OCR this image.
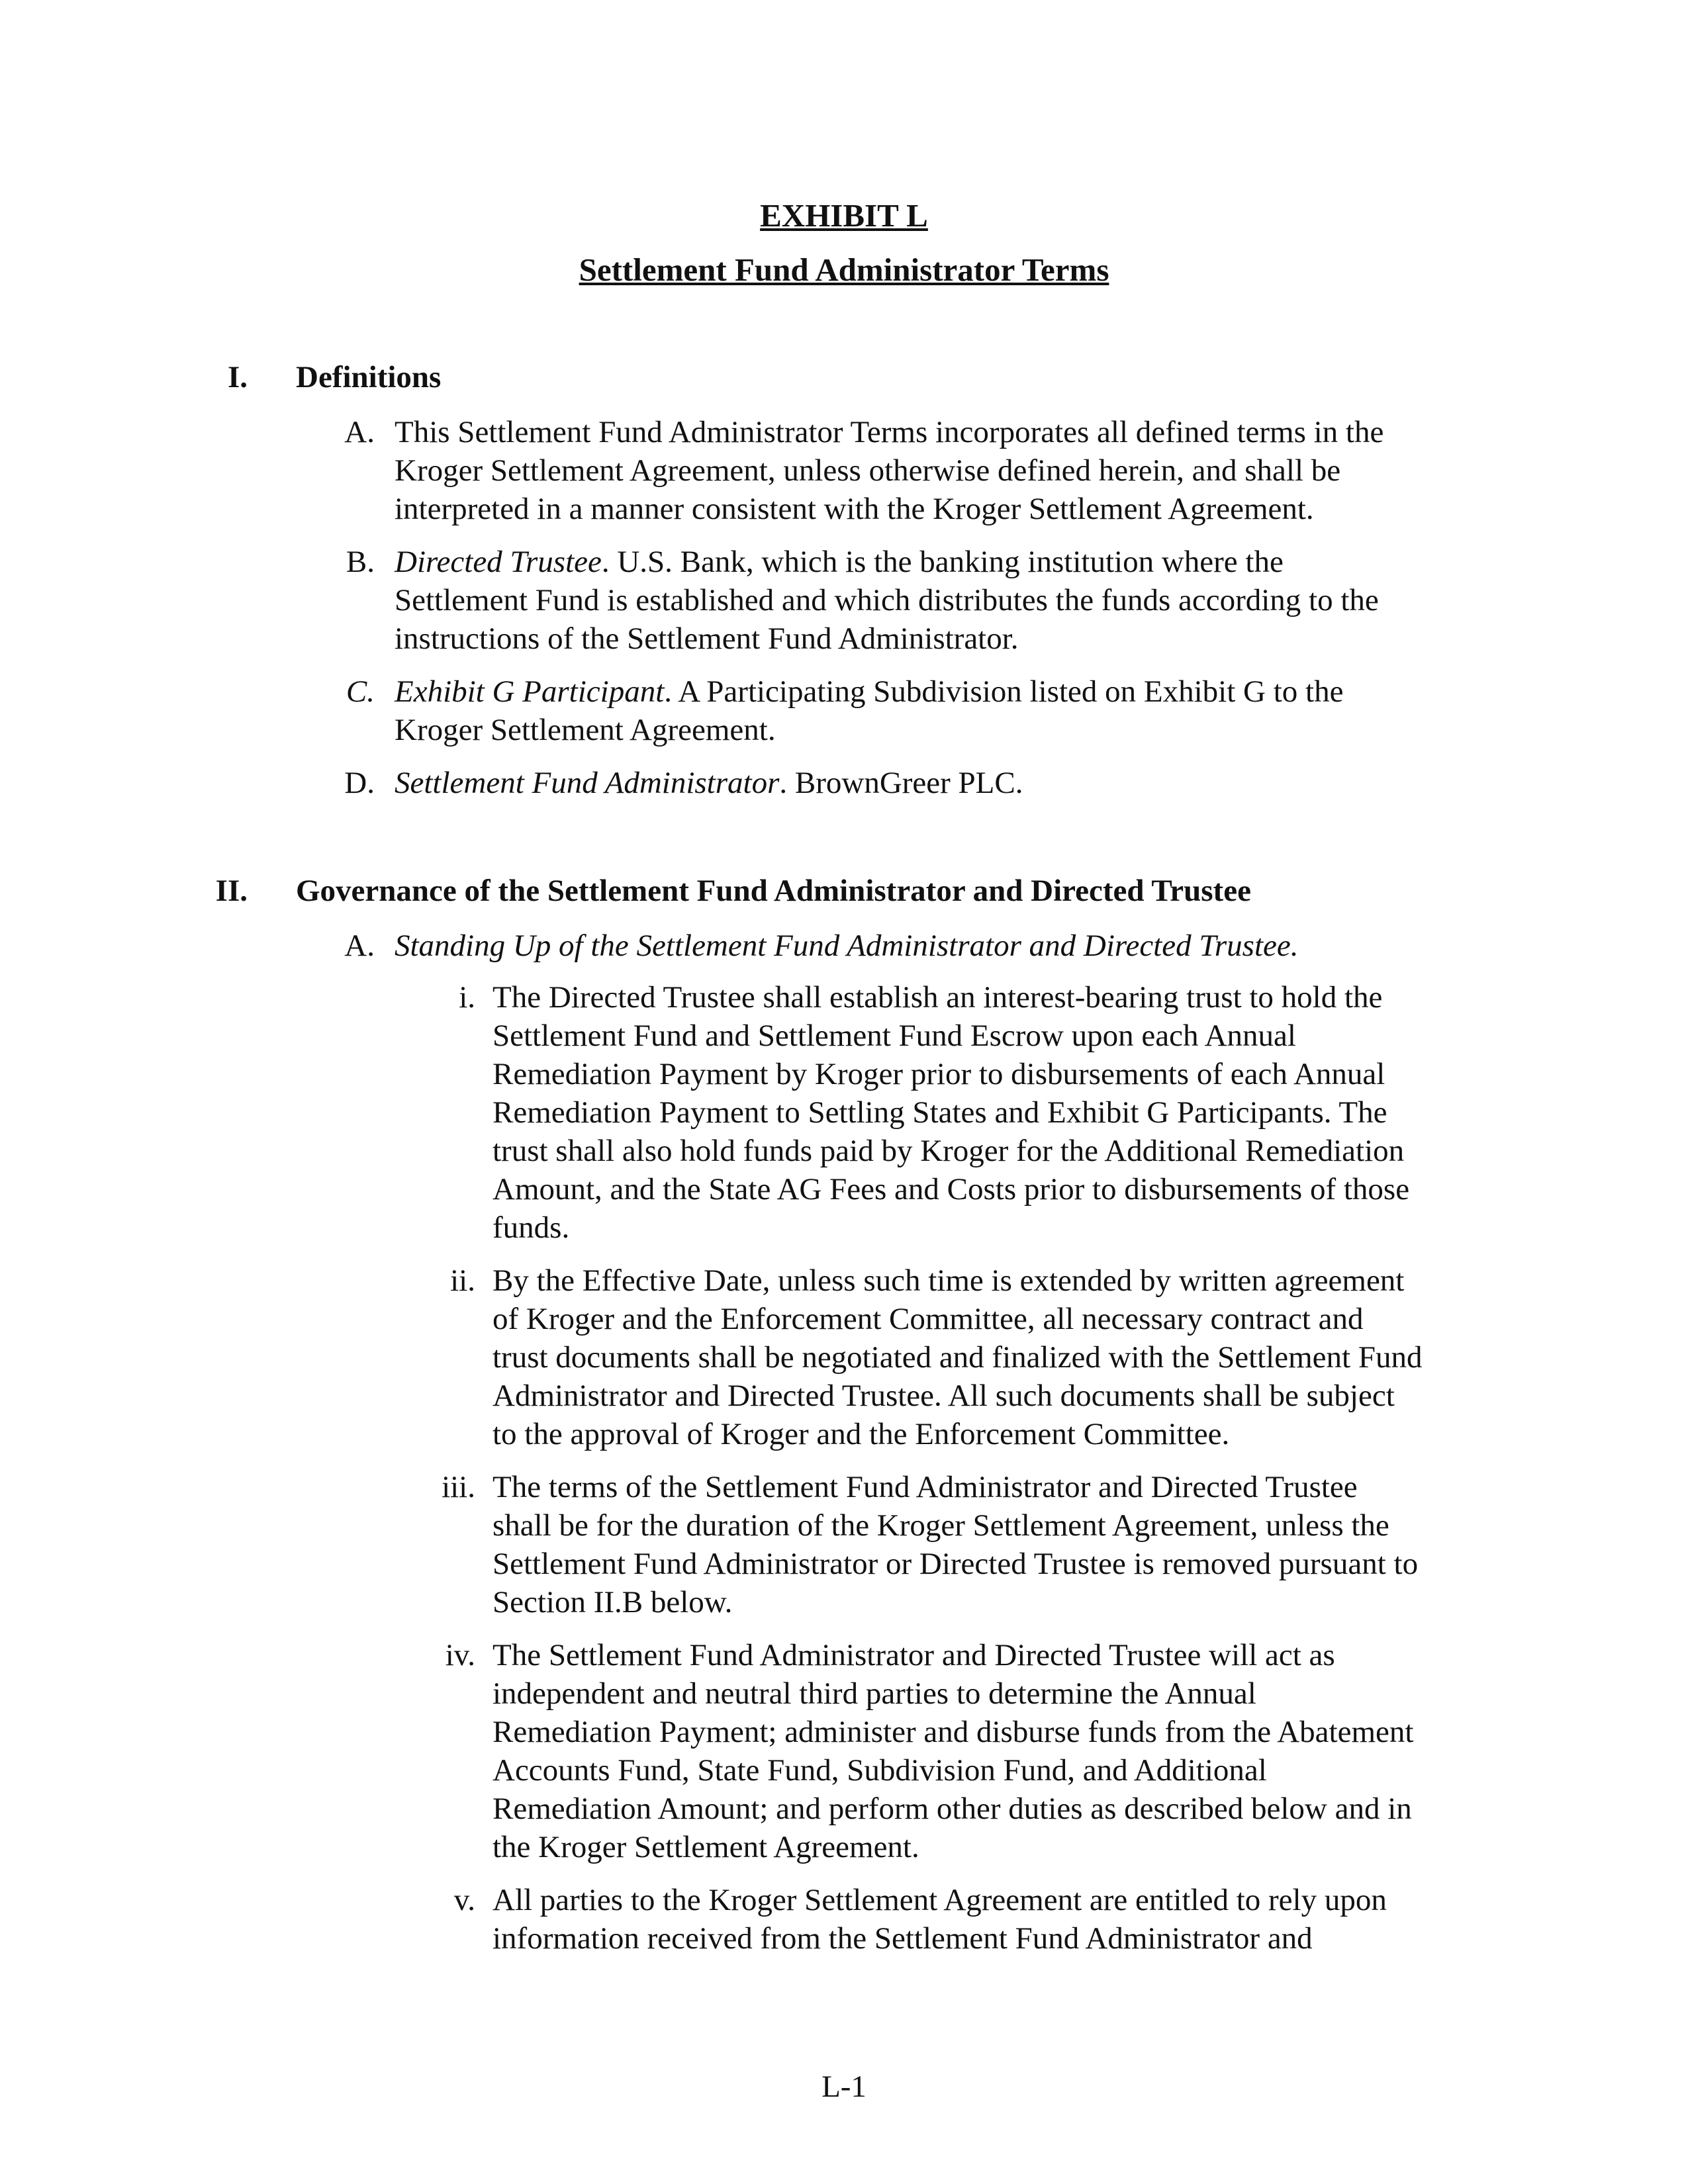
EXHIBIT L
Settlement Fund Administrator Terms
I. Definitions
A. This Settlement Fund Administrator Terms incorporates all defined terms in the
Kroger Settlement Agreement, unless otherwise defined herein, and shall be
interpreted in a manner consistent with the Kroger Settlement Agreement.
B. Directed Trustee. U.S. Bank, which is the banking institution where the
Settlement Fund is established and which distributes the funds according to the
instructions of the Settlement Fund Administrator.
C. Exhibit G Participant. A Participating Subdivision listed on Exhibit G to the
Kroger Settlement Agreement.
D. Settlement Fund Administrator. BrownGreer PLC.
II. Governance of the Settlement Fund Administrator and Directed Trustee
A. Standing Up of the Settlement Fund Administrator and Directed Trustee.
i. The Directed Trustee shall establish an interest-bearing trust to hold the
Settlement Fund and Settlement Fund Escrow upon each Annual
Remediation Payment by Kroger prior to disbursements of each Annual
Remediation Payment to Settling States and Exhibit G Participants. The
trust shall also hold funds paid by Kroger for the Additional Remediation
Amount, and the State AG Fees and Costs prior to disbursements of those
funds.
ii. By the Effective Date, unless such time is extended by written agreement
of Kroger and the Enforcement Committee, all necessary contract and
trust documents shall be negotiated and finalized with the Settlement Fund
Administrator and Directed Trustee. All such documents shall be subject
to the approval of Kroger and the Enforcement Committee.
iii. The terms of the Settlement Fund Administrator and Directed Trustee
shall be for the duration of the Kroger Settlement Agreement, unless the
Settlement Fund Administrator or Directed Trustee is removed pursuant to
Section II.B below.
iv. The Settlement Fund Administrator and Directed Trustee will act as
independent and neutral third parties to determine the Annual
Remediation Payment; administer and disburse funds from the Abatement
Accounts Fund, State Fund, Subdivision Fund, and Additional
Remediation Amount; and perform other duties as described below and in
the Kroger Settlement Agreement.
v. All parties to the Kroger Settlement Agreement are entitled to rely upon
information received from the Settlement Fund Administrator and
L-1
